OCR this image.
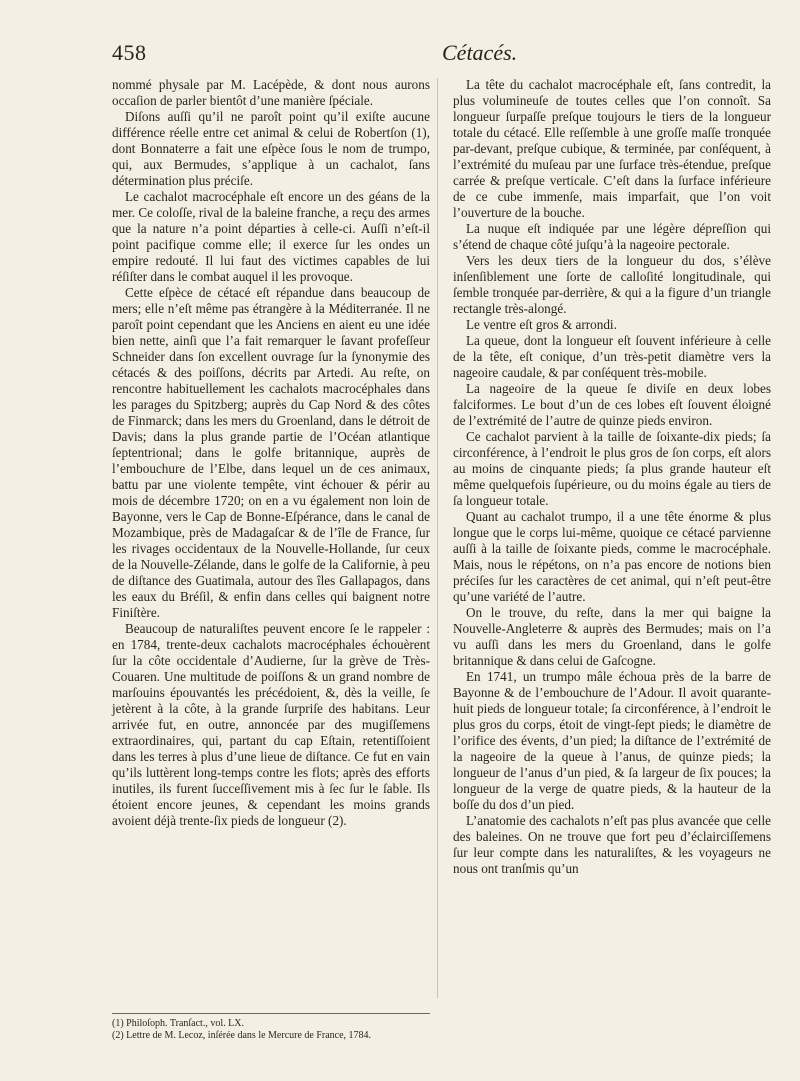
458	Cétacés.

nommé physale par M. Lacépède, & dont nous aurons occaſion de parler bientôt d’une manière ſpéciale.

Diſons auſſi qu’il ne paroît point qu’il exiſte aucune différence réelle entre cet animal & celui de Robertſon (1), dont Bonnaterre a fait une eſpèce ſous le nom de trumpo, qui, aux Bermudes, s’applique à un cachalot, ſans détermination plus préciſe.

Le cachalot macrocéphale eſt encore un des géans de la mer. Ce coloſſe, rival de la baleine franche, a reçu des armes que la nature n’a point départies à celle-ci. Auſſi n’eſt-il point pacifique comme elle; il exerce ſur les ondes un empire redouté. Il lui faut des victimes capables de lui réſiſter dans le combat auquel il les provoque.

Cette eſpèce de cétacé eſt répandue dans beaucoup de mers; elle n’eſt même pas étrangère à la Méditerranée. Il ne paroît point cependant que les Anciens en aient eu une idée bien nette, ainſi que l’a fait remarquer le ſavant profeſſeur Schneider dans ſon excellent ouvrage ſur la ſynonymie des cétacés & des poiſſons, décrits par Artedi. Au reſte, on rencontre habituellement les cachalots macrocéphales dans les parages du Spitzberg; auprès du Cap Nord & des côtes de Finmarck; dans les mers du Groenland, dans le détroit de Davis; dans la plus grande partie de l’Océan atlantique ſeptentrional; dans le golfe britannique, auprès de l’embouchure de l’Elbe, dans lequel un de ces animaux, battu par une violente tempête, vint échouer & périr au mois de décembre 1720; on en a vu également non loin de Bayonne, vers le Cap de Bonne-Eſpérance, dans le canal de Mozambique, près de Madagaſcar & de l’île de France, ſur les rivages occidentaux de la Nouvelle-Hollande, ſur ceux de la Nouvelle-Zélande, dans le golfe de la Californie, à peu de diſtance des Guatimala, autour des îles Gallapagos, dans les eaux du Bréſil, & enfin dans celles qui baignent notre Finiſtère.

Beaucoup de naturaliſtes peuvent encore ſe le rappeler : en 1784, trente-deux cachalots macrocéphales échouèrent ſur la côte occidentale d’Audierne, ſur la grève de Très-Couaren. Une multitude de poiſſons & un grand nombre de marſouins épouvantés les précédoient, &, dès la veille, ſe jetèrent à la côte, à la grande ſurpriſe des habitans. Leur arrivée fut, en outre, annoncée par des mugiſſemens extraordinaires, qui, partant du cap Eſtain, retentiſſoient dans les terres à plus d’une lieue de diſtance. Ce fut en vain qu’ils luttèrent long-temps contre les flots; après des efforts inutiles, ils furent ſucceſſivement mis à ſec ſur le ſable. Ils étoient encore jeunes, & cependant les moins grands avoient déjà trente-ſix pieds de longueur (2).

La tête du cachalot macrocéphale eſt, ſans contredit, la plus volumineuſe de toutes celles que l’on connoît. Sa longueur ſurpaſſe preſque toujours le tiers de la longueur totale du cétacé. Elle reſſemble à une groſſe maſſe tronquée par-devant, preſque cubique, & terminée, par conſéquent, à l’extrémité du muſeau par une ſurface très-étendue, preſque carrée & preſque verticale. C’eſt dans la ſurface inférieure de ce cube immenſe, mais imparfait, que l’on voit l’ouverture de la bouche.

La nuque eſt indiquée par une légère dépreſſion qui s’étend de chaque côté juſqu’à la nageoire pectorale.

Vers les deux tiers de la longueur du dos, s’élève inſenſiblement une ſorte de calloſité longitudinale, qui ſemble tronquée par-derrière, & qui a la figure d’un triangle rectangle très-alongé.

Le ventre eſt gros & arrondi.

La queue, dont la longueur eſt ſouvent inférieure à celle de la tête, eſt conique, d’un très-petit diamètre vers la nageoire caudale, & par conſéquent très-mobile.

La nageoire de la queue ſe diviſe en deux lobes falciformes. Le bout d’un de ces lobes eſt ſouvent éloigné de l’extrémité de l’autre de quinze pieds environ.

Ce cachalot parvient à la taille de ſoixante-dix pieds; ſa circonférence, à l’endroit le plus gros de ſon corps, eſt alors au moins de cinquante pieds; ſa plus grande hauteur eſt même quelquefois ſupérieure, ou du moins égale au tiers de ſa longueur totale.

Quant au cachalot trumpo, il a une tête énorme & plus longue que le corps lui-même, quoique ce cétacé parvienne auſſi à la taille de ſoixante pieds, comme le macrocéphale. Mais, nous le répétons, on n’a pas encore de notions bien préciſes ſur les caractères de cet animal, qui n’eſt peut-être qu’une variété de l’autre.

On le trouve, du reſte, dans la mer qui baigne la Nouvelle-Angleterre & auprès des Bermudes; mais on l’a vu auſſi dans les mers du Groenland, dans le golfe britannique & dans celui de Gaſcogne.

En 1741, un trumpo mâle échoua près de la barre de Bayonne & de l’embouchure de l’Adour. Il avoit quarante-huit pieds de longueur totale; ſa circonférence, à l’endroit le plus gros du corps, étoit de vingt-ſept pieds; le diamètre de l’orifice des évents, d’un pied; la diſtance de l’extrémité de la nageoire de la queue à l’anus, de quinze pieds; la longueur de l’anus d’un pied, & ſa largeur de ſix pouces; la longueur de la verge de quatre pieds, & la hauteur de la boſſe du dos d’un pied.

L’anatomie des cachalots n’eſt pas plus avancée que celle des baleines. On ne trouve que fort peu d’éclairciſſemens ſur leur compte dans les naturaliſtes, & les voyageurs ne nous ont tranſmis qu’un

(1) Philoſoph. Tranſact., vol. LX.

(2) Lettre de M. Lecoz, inſérée dans le Mercure de France, 1784.
